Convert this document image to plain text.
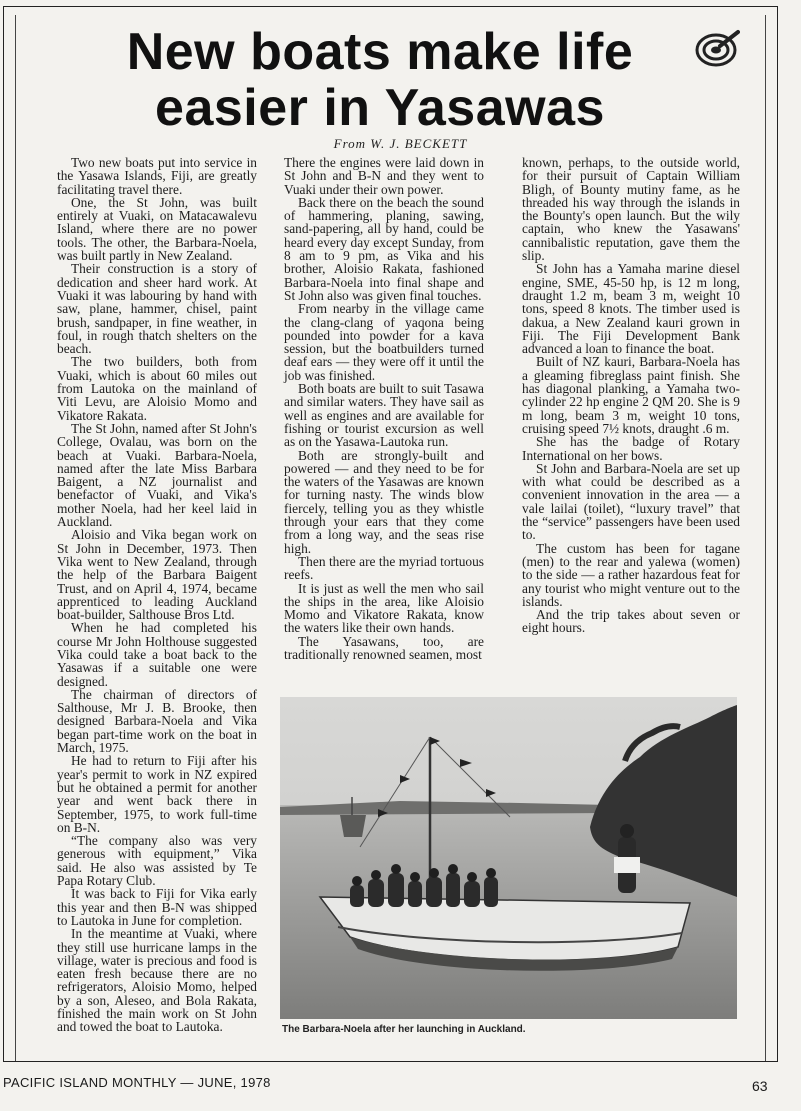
New boats make life
easier in Yasawas
From W. J. BECKETT

Two new boats put into service in the Yasawa Islands, Fiji, are greatly facilitating travel there.

One, the St John, was built entirely at Vuaki, on Matacawalevu Island, where there are no power tools. The other, the Barbara-Noela, was built partly in New Zealand.

Their construction is a story of dedication and sheer hard work. At Vuaki it was labouring by hand with saw, plane, hammer, chisel, paint brush, sandpaper, in fine weather, in foul, in rough thatch shelters on the beach.

The two builders, both from Vuaki, which is about 60 miles out from Lautoka on the mainland of Viti Levu, are Aloisio Momo and Vikatore Rakata.

The St John, named after St John's College, Ovalau, was born on the beach at Vuaki. Barbara-Noela, named after the late Miss Barbara Baigent, a NZ journalist and benefactor of Vuaki, and Vika's mother Noela, had her keel laid in Auckland.

Aloisio and Vika began work on St John in December, 1973. Then Vika went to New Zealand, through the help of the Barbara Baigent Trust, and on April 4, 1974, became apprenticed to leading Auckland boat-builder, Salthouse Bros Ltd.

When he had completed his course Mr John Holthouse suggested Vika could take a boat back to the Yasawas if a suitable one were designed.

The chairman of directors of Salthouse, Mr J. B. Brooke, then designed Barbara-Noela and Vika began part-time work on the boat in March, 1975.

He had to return to Fiji after his year's permit to work in NZ expired but he obtained a permit for another year and went back there in September, 1975, to work full-time on B-N.

“The company also was very generous with equipment,” Vika said. He also was assisted by Te Papa Rotary Club.

It was back to Fiji for Vika early this year and then B-N was shipped to Lautoka in June for completion.

In the meantime at Vuaki, where they still use hurricane lamps in the village, water is precious and food is eaten fresh because there are no refrigerators, Aloisio Momo, helped by a son, Aleseo, and Bola Rakata, finished the main work on St John and towed the boat to Lautoka.

There the engines were laid down in St John and B-N and they went to Vuaki under their own power.

Back there on the beach the sound of hammering, planing, sawing, sand-papering, all by hand, could be heard every day except Sunday, from 8 am to 9 pm, as Vika and his brother, Aloisio Rakata, fashioned Barbara-Noela into final shape and St John also was given final touches.

From nearby in the village came the clang-clang of yaqona being pounded into powder for a kava session, but the boatbuilders turned deaf ears — they were off it until the job was finished.

Both boats are built to suit Tasawa and similar waters. They have sail as well as engines and are available for fishing or tourist excursion as well as on the Yasawa-Lautoka run.

Both are strongly-built and powered — and they need to be for the waters of the Yasawas are known for turning nasty. The winds blow fiercely, telling you as they whistle through your ears that they come from a long way, and the seas rise high.

Then there are the myriad tortuous reefs.

It is just as well the men who sail the ships in the area, like Aloisio Momo and Vikatore Rakata, know the waters like their own hands.

The Yasawans, too, are traditionally renowned seamen, most

known, perhaps, to the outside world, for their pursuit of Captain William Bligh, of Bounty mutiny fame, as he threaded his way through the islands in the Bounty's open launch. But the wily captain, who knew the Yasawans' cannibalistic reputation, gave them the slip.

St John has a Yamaha marine diesel engine, SME, 45-50 hp, is 12 m long, draught 1.2 m, beam 3 m, weight 10 tons, speed 8 knots. The timber used is dakua, a New Zealand kauri grown in Fiji. The Fiji Development Bank advanced a loan to finance the boat.

Built of NZ kauri, Barbara-Noela has a gleaming fibreglass paint finish. She has diagonal planking, a Yamaha two-cylinder 22 hp engine 2 QM 20. She is 9 m long, beam 3 m, weight 10 tons, cruising speed 7½ knots, draught .6 m.

She has the badge of Rotary International on her bows.

St John and Barbara-Noela are set up with what could be described as a convenient innovation in the area — a vale lailai (toilet), “luxury travel” that the “service” passengers have been used to.

The custom has been for tagane (men) to the rear and yalewa (women) to the side — a rather hazardous feat for any tourist who might venture out to the islands.

And the trip takes about seven or eight hours.

The Barbara-Noela after her launching in Auckland.
PACIFIC ISLAND MONTHLY — JUNE, 1978	63
